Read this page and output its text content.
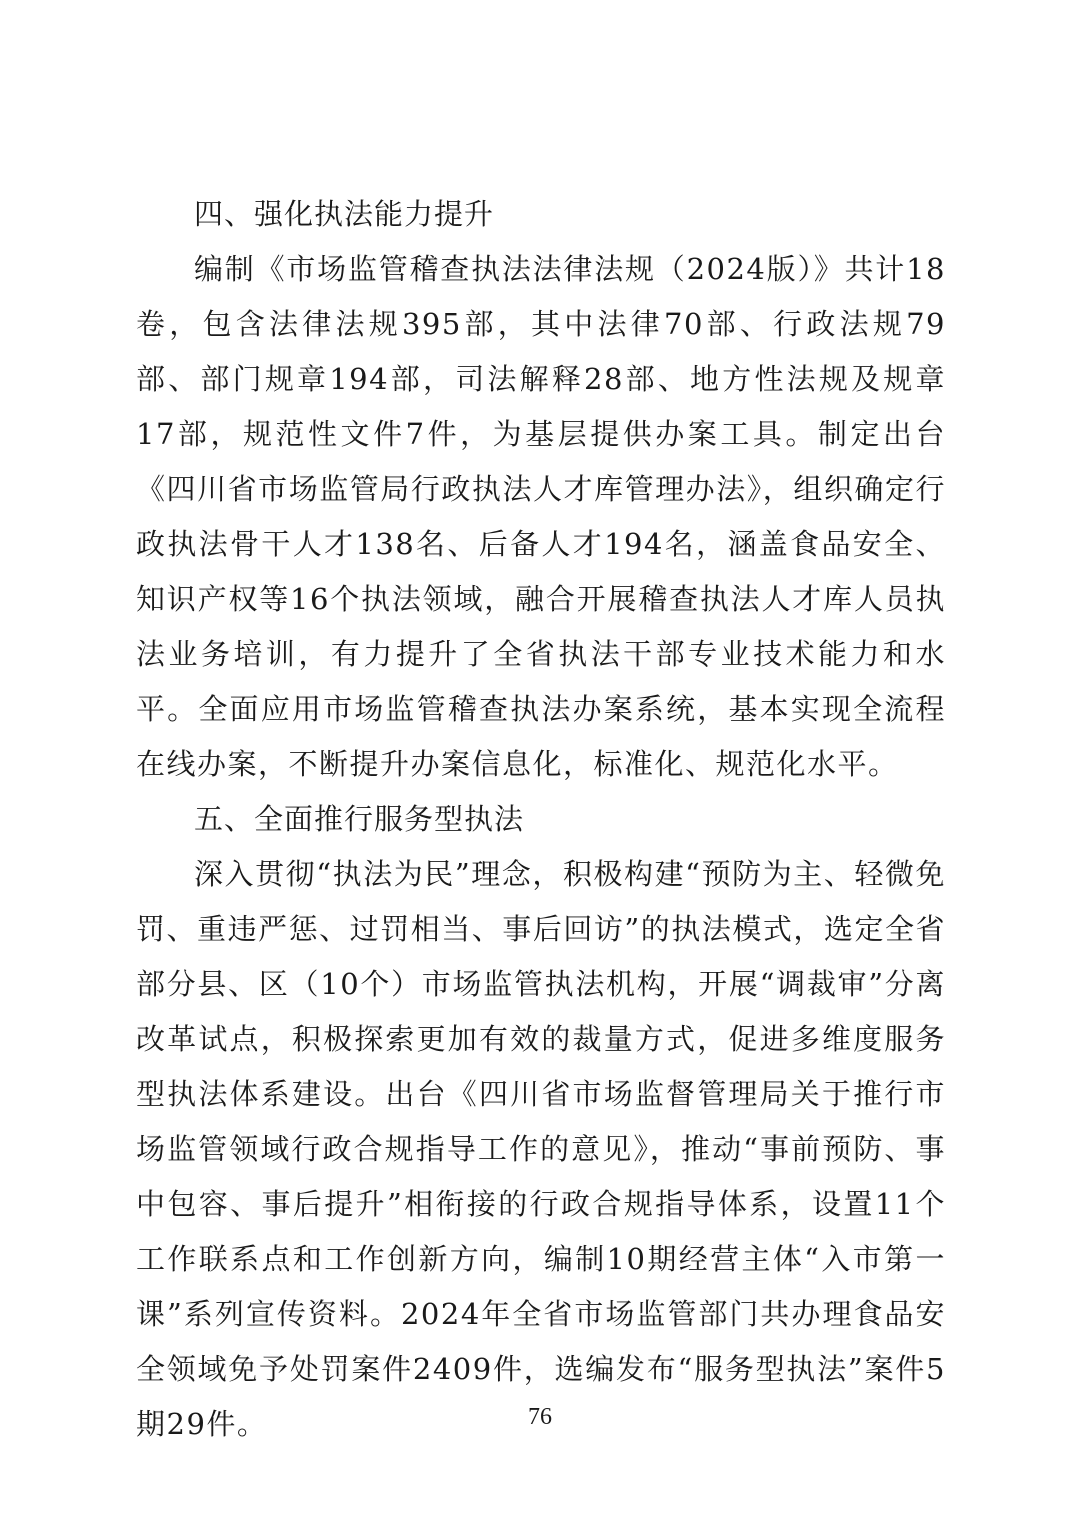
四、强化执法能力提升

编制《市场监管稽查执法法律法规（2024版）》共计18卷，包含法律法规395部，其中法律70部、行政法规79部、部门规章194部，司法解释28部、地方性法规及规章17部，规范性文件7件，为基层提供办案工具。制定出台《四川省市场监管局行政执法人才库管理办法》，组织确定行政执法骨干人才138名、后备人才194名，涵盖食品安全、知识产权等16个执法领域，融合开展稽查执法人才库人员执法业务培训，有力提升了全省执法干部专业技术能力和水平。全面应用市场监管稽查执法办案系统，基本实现全流程在线办案，不断提升办案信息化，标准化、规范化水平。

五、全面推行服务型执法

深入贯彻“执法为民”理念，积极构建“预防为主、轻微免罚、重违严惩、过罚相当、事后回访”的执法模式，选定全省部分县、区（10个）市场监管执法机构，开展“调裁审”分离改革试点，积极探索更加有效的裁量方式，促进多维度服务型执法体系建设。出台《四川省市场监督管理局关于推行市场监管领域行政合规指导工作的意见》，推动“事前预防、事中包容、事后提升”相衔接的行政合规指导体系，设置11个工作联系点和工作创新方向，编制10期经营主体“入市第一课”系列宣传资料。2024年全省市场监管部门共办理食品安全领域免予处罚案件2409件，选编发布“服务型执法”案件5期29件。	76
